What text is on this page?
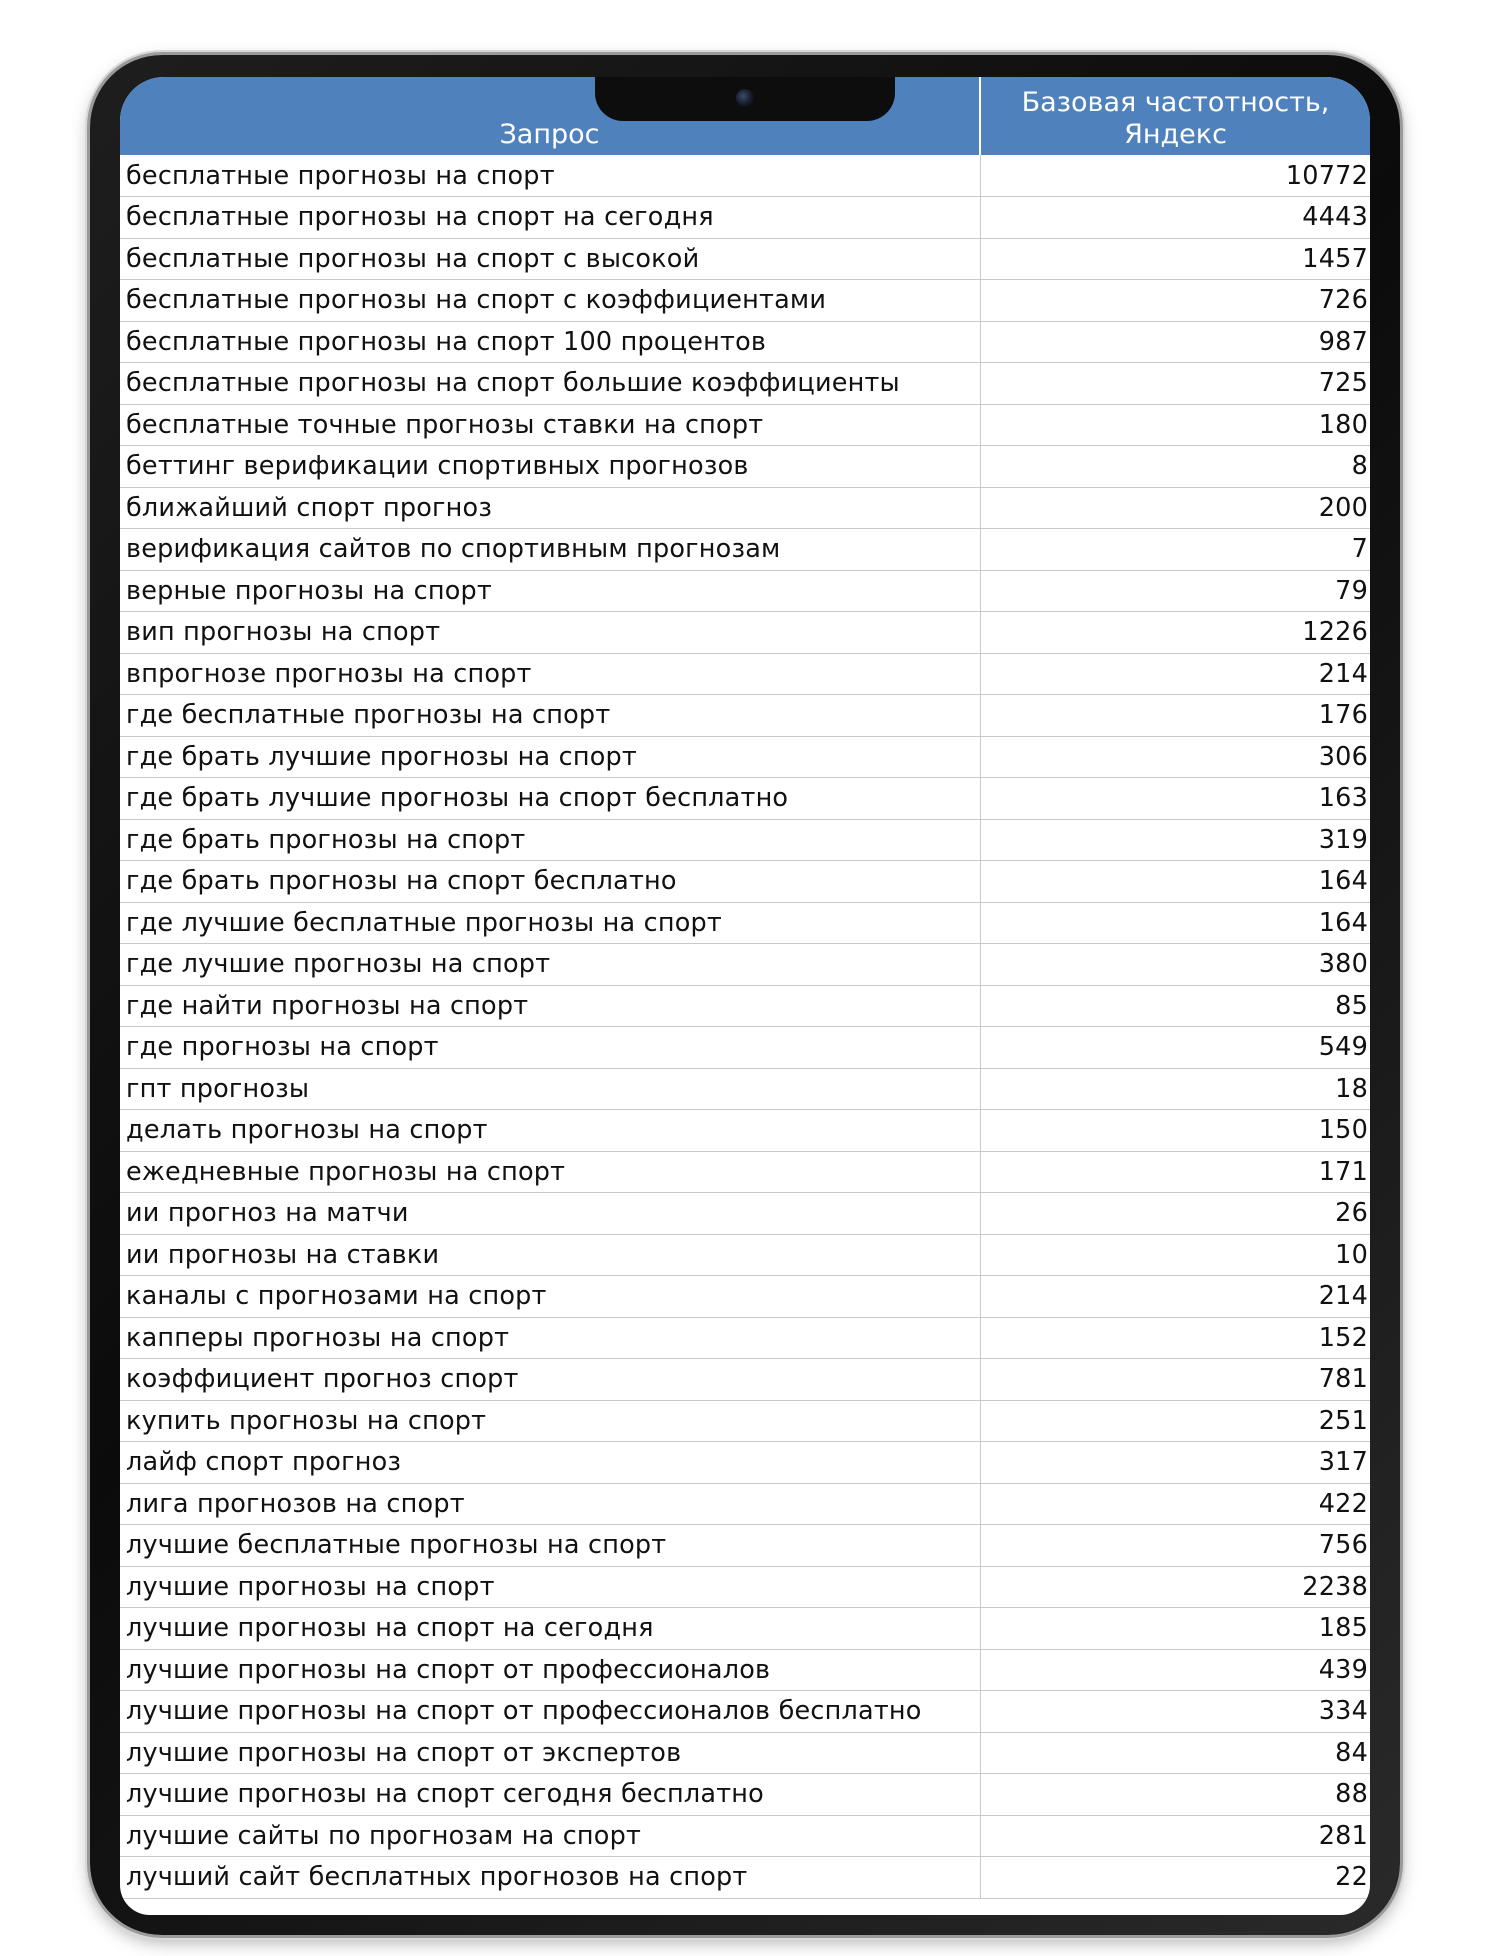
Запрос	Базовая частотность,
Яндекс

бесплатные прогнозы на спорт	10772
бесплатные прогнозы на спорт на сегодня	4443
бесплатные прогнозы на спорт с высокой	1457
бесплатные прогнозы на спорт с коэффициентами	726
бесплатные прогнозы на спорт 100 процентов	987
бесплатные прогнозы на спорт большие коэффициенты	725
бесплатные точные прогнозы ставки на спорт	180
беттинг верификации спортивных прогнозов	8
ближайший спорт прогноз	200
верификация сайтов по спортивным прогнозам	7
верные прогнозы на спорт	79
вип прогнозы на спорт	1226
впрогнозе прогнозы на спорт	214
где бесплатные прогнозы на спорт	176
где брать лучшие прогнозы на спорт	306
где брать лучшие прогнозы на спорт бесплатно	163
где брать прогнозы на спорт	319
где брать прогнозы на спорт бесплатно	164
где лучшие бесплатные прогнозы на спорт	164
где лучшие прогнозы на спорт	380
где найти прогнозы на спорт	85
где прогнозы на спорт	549
гпт прогнозы	18
делать прогнозы на спорт	150
ежедневные прогнозы на спорт	171
ии прогноз на матчи	26
ии прогнозы на ставки	10
каналы с прогнозами на спорт	214
капперы прогнозы на спорт	152
коэффициент прогноз спорт	781
купить прогнозы на спорт	251
лайф спорт прогноз	317
лига прогнозов на спорт	422
лучшие бесплатные прогнозы на спорт	756
лучшие прогнозы на спорт	2238
лучшие прогнозы на спорт на сегодня	185
лучшие прогнозы на спорт от профессионалов	439
лучшие прогнозы на спорт от профессионалов бесплатно	334
лучшие прогнозы на спорт от экспертов	84
лучшие прогнозы на спорт сегодня бесплатно	88
лучшие сайты по прогнозам на спорт	281
лучший сайт бесплатных прогнозов на спорт	22
